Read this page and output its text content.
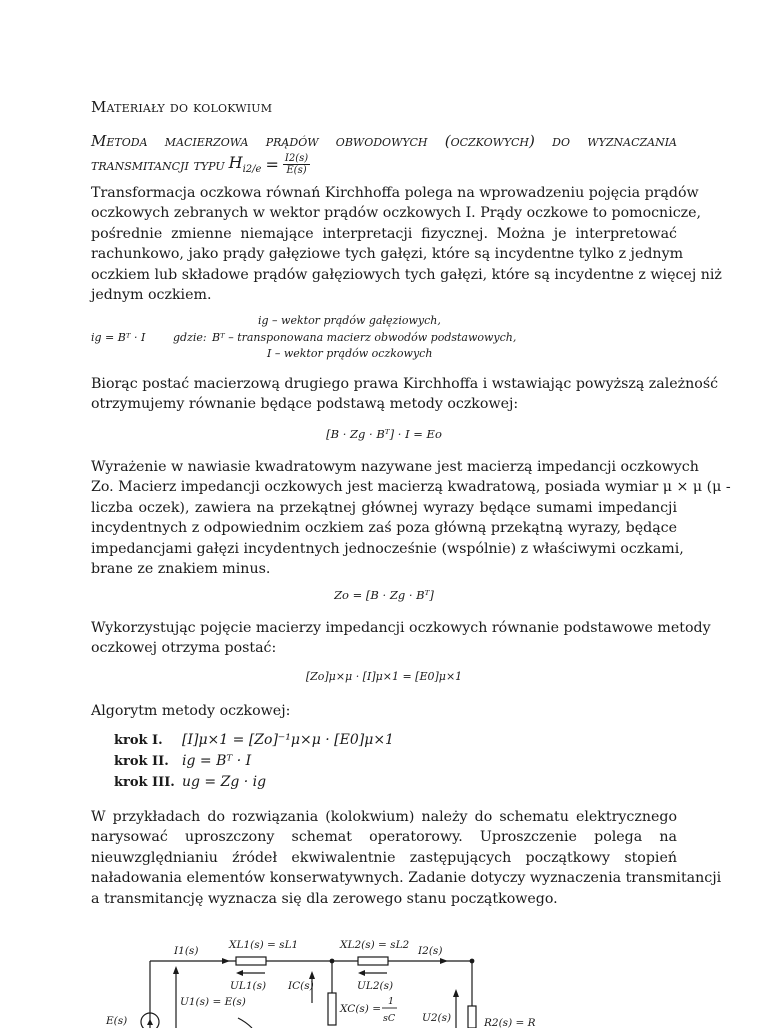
Materiały do kolokwium
Metoda macierzowa prądów obwodowych (oczkowych) do wyznaczania
transmitancji typu $H_{i2/e} = \frac{I2(s)}{E(s)}$
Transformacja oczkowa równań Kirchhoffa polega na wprowadzeniu pojęcia prądów
oczkowych zebranych w wektor prądów oczkowych I. Prądy oczkowe to pomocnicze,
pośrednie zmienne niemające interpretacji fizycznej. Można je interpretować
rachunkowo, jako prądy gałęziowe tych gałęzi, które są incydentne tylko z jednym
oczkiem lub składowe prądów gałęziowych tych gałęzi, które są incydentne z więcej niż
jednym oczkiem.
ig – wektor prądów gałęziowych,
ig = Bᵀ · I	gdzie: Bᵀ – transponowana macierz obwodów podstawowych,
I – wektor prądów oczkowych
Biorąc postać macierzową drugiego prawa Kirchhoffa i wstawiając powyższą zależność
otrzymujemy równanie będące podstawą metody oczkowej:
[B · Zg · Bᵀ] · I = Eo
Wyrażenie w nawiasie kwadratowym nazywane jest macierzą impedancji oczkowych
Zo. Macierz impedancji oczkowych jest macierzą kwadratową, posiada wymiar μ × μ (μ -
liczba oczek), zawiera na przekątnej głównej wyrazy będące sumami impedancji
incydentnych z odpowiednim oczkiem zaś poza główną przekątną wyrazy, będące
impedancjami gałęzi incydentnych jednocześnie (wspólnie) z właściwymi oczkami,
brane ze znakiem minus.
Zo = [B · Zg · Bᵀ]
Wykorzystując pojęcie macierzy impedancji oczkowych równanie podstawowe metody
oczkowej otrzyma postać:
[Zo]μ×μ · [I]μ×1 = [E0]μ×1
Algorytm metody oczkowej:
krok I.	[I]μ×1 = [Zo]⁻¹μ×μ · [E0]μ×1
krok II. ig = Bᵀ · I
krok III. ug = Zg · ig
W przykładach do rozwiązania (kolokwium) należy do schematu elektrycznego
narysować uproszczony schemat operatorowy. Uproszczenie polega na
nieuwzględnianiu źródeł ekwiwalentnie zastępujących początkowy stopień
naładowania elementów konserwatywnych. Zadanie dotyczy wyznaczenia transmitancji
a transmitancję wyznacza się dla zerowego stanu początkowego.
I1(s)	XL1(s) = sL1
UL1(s)
XL2(s) = sL2
UL2(s)
I2(s)
U1(s) = E(s)
IC(s)
XC(s) =
1
sC	U2(s)
E(s)	R2(s) = R
